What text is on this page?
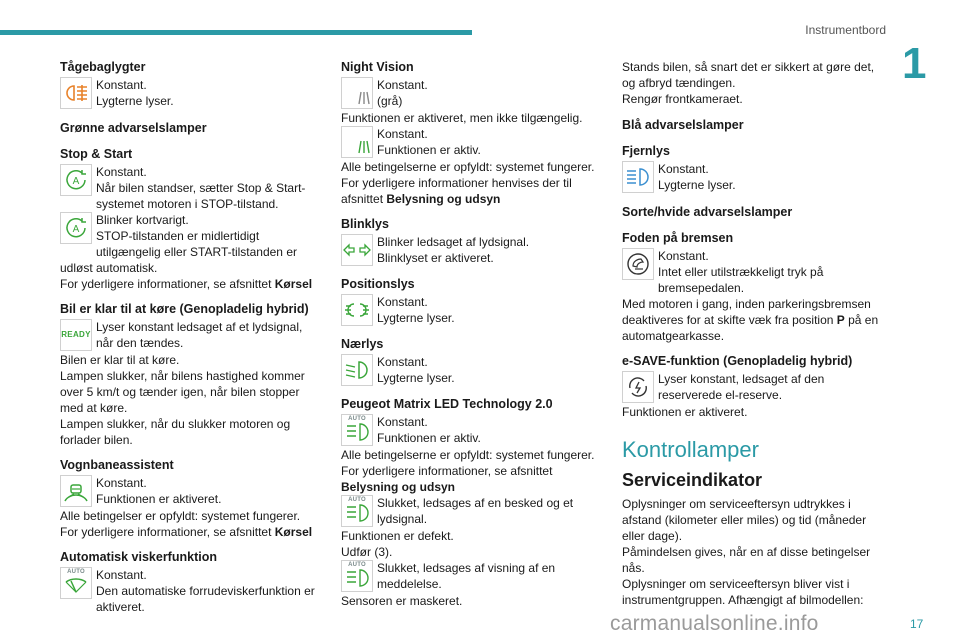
Instrumentbord
1
Tågebaglygter
Konstant.
Lygterne lyser.
Grønne advarselslamper
Stop & Start
A
Konstant.
Når bilen standser, sætter Stop & Start-systemet motoren i STOP-tilstand.
A
Blinker kortvarigt.
STOP-tilstanden er midlertidigt utilgængelig eller START-tilstanden er udløst automatisk.
For yderligere informationer, se afsnittet Kørsel
Bil er klar til at køre (Genopladelig hybrid)
READY
Lyser konstant ledsaget af et lydsignal, når den tændes.
Bilen er klar til at køre.
Lampen slukker, når bilens hastighed kommer over 5 km/t og tænder igen, når bilen stopper med at køre.
Lampen slukker, når du slukker motoren og forlader bilen.
Vognbaneassistent
Konstant.
Funktionen er aktiveret.
Alle betingelser er opfyldt: systemet fungerer.
For yderligere informationer, se afsnittet Kørsel
Automatisk viskerfunktion
AUTO Konstant.
Den automatiske forrudeviskerfunktion er aktiveret.
Night Vision
Konstant.
(grå)
Funktionen er aktiveret, men ikke tilgængelig.
Konstant.
Funktionen er aktiv.
Alle betingelserne er opfyldt: systemet fungerer.
For yderligere informationer henvises der til afsnittet Belysning og udsyn
Blinklys
Blinker ledsaget af lydsignal.
Blinklyset er aktiveret.
Positionslys
Konstant.
Lygterne lyser.
Nærlys
Konstant.
Lygterne lyser.
Peugeot Matrix LED Technology 2.0
AUTO Konstant.
Funktionen er aktiv.
Alle betingelserne er opfyldt: systemet fungerer.
For yderligere informationer, se afsnittet
Belysning og udsyn
AUTO Slukket, ledsages af en besked og et lydsignal.
Funktionen er defekt.
Udfør (3).
AUTO Slukket, ledsages af visning af en meddelelse.
Sensoren er maskeret.
Stands bilen, så snart det er sikkert at gøre det, og afbryd tændingen.
Rengør frontkameraet.
Blå advarselslamper
Fjernlys
Konstant.
Lygterne lyser.
Sorte/hvide advarselslamper
Foden på bremsen
Konstant.
Intet eller utilstrækkeligt tryk på bremsepedalen.
Med motoren i gang, inden parkeringsbremsen deaktiveres for at skifte væk fra position P på en automatgearkasse.
e-SAVE-funktion (Genopladelig hybrid)
Lyser konstant, ledsaget af den reserverede el-reserve.
Funktionen er aktiveret.
Kontrollamper
Serviceindikator
Oplysninger om serviceeftersyn udtrykkes i afstand (kilometer eller miles) og tid (måneder eller dage).
Påmindelsen gives, når en af disse betingelser nås.
Oplysninger om serviceeftersyn bliver vist i instrumentgruppen. Afhængigt af bilmodellen:
carmanualsonline.info	17
